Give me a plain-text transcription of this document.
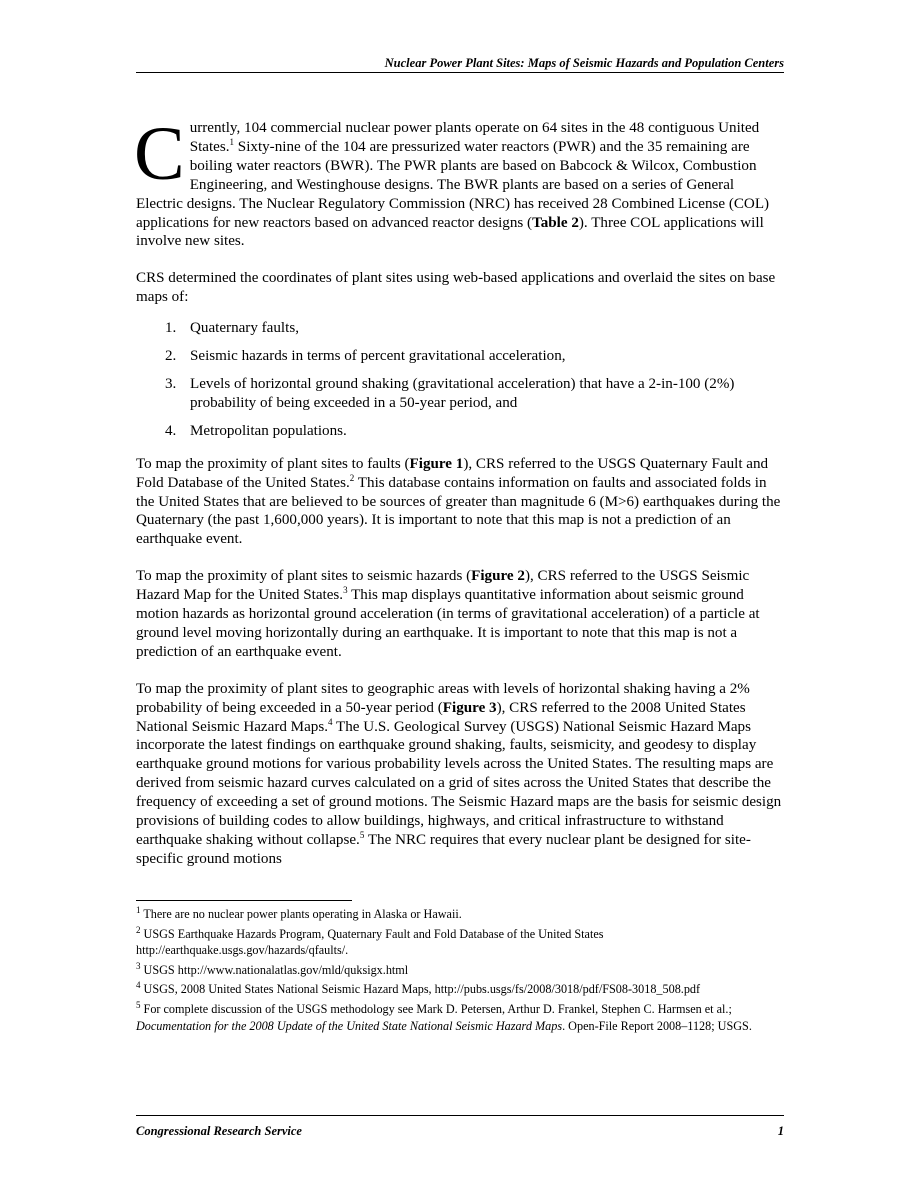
Nuclear Power Plant Sites: Maps of Seismic Hazards and Population Centers

Currently, 104 commercial nuclear power plants operate on 64 sites in the 48 contiguous United States.$^1$ Sixty-nine of the 104 are pressurized water reactors (PWR) and the 35 remaining are boiling water reactors (BWR). The PWR plants are based on Babcock & Wilcox, Combustion Engineering, and Westinghouse designs. The BWR plants are based on a series of General Electric designs. The Nuclear Regulatory Commission (NRC) has received 28 Combined License (COL) applications for new reactors based on advanced reactor designs (Table 2). Three COL applications will involve new sites.

CRS determined the coordinates of plant sites using web-based applications and overlaid the sites on base maps of:

1. Quaternary faults,
2. Seismic hazards in terms of percent gravitational acceleration,
3. Levels of horizontal ground shaking (gravitational acceleration) that have a 2-in-100 (2%) probability of being exceeded in a 50-year period, and
4. Metropolitan populations.

To map the proximity of plant sites to faults (Figure 1), CRS referred to the USGS Quaternary Fault and Fold Database of the United States.$^2$ This database contains information on faults and associated folds in the United States that are believed to be sources of greater than magnitude 6 (M>6) earthquakes during the Quaternary (the past 1,600,000 years). It is important to note that this map is not a prediction of an earthquake event.

To map the proximity of plant sites to seismic hazards (Figure 2), CRS referred to the USGS Seismic Hazard Map for the United States.$^3$ This map displays quantitative information about seismic ground motion hazards as horizontal ground acceleration (in terms of gravitational acceleration) of a particle at ground level moving horizontally during an earthquake. It is important to note that this map is not a prediction of an earthquake event.

To map the proximity of plant sites to geographic areas with levels of horizontal shaking having a 2% probability of being exceeded in a 50-year period (Figure 3), CRS referred to the 2008 United States National Seismic Hazard Maps.$^4$ The U.S. Geological Survey (USGS) National Seismic Hazard Maps incorporate the latest findings on earthquake ground shaking, faults, seismicity, and geodesy to display earthquake ground motions for various probability levels across the United States. The resulting maps are derived from seismic hazard curves calculated on a grid of sites across the United States that describe the frequency of exceeding a set of ground motions. The Seismic Hazard maps are the basis for seismic design provisions of building codes to allow buildings, highways, and critical infrastructure to withstand earthquake shaking without collapse.$^5$ The NRC requires that every nuclear plant be designed for site-specific ground motions

$^1$ There are no nuclear power plants operating in Alaska or Hawaii.
$^2$ USGS Earthquake Hazards Program, Quaternary Fault and Fold Database of the United States http://earthquake.usgs.gov/hazards/qfaults/.
$^3$ USGS http://www.nationalatlas.gov/mld/quksigx.html
$^4$ USGS, 2008 United States National Seismic Hazard Maps, http://pubs.usgs/fs/2008/3018/pdf/FS08-3018_508.pdf
$^5$ For complete discussion of the USGS methodology see Mark D. Petersen, Arthur D. Frankel, Stephen C. Harmsen et al.; Documentation for the 2008 Update of the United State National Seismic Hazard Maps. Open-File Report 2008–1128; USGS.
Congressional Research Service	1
